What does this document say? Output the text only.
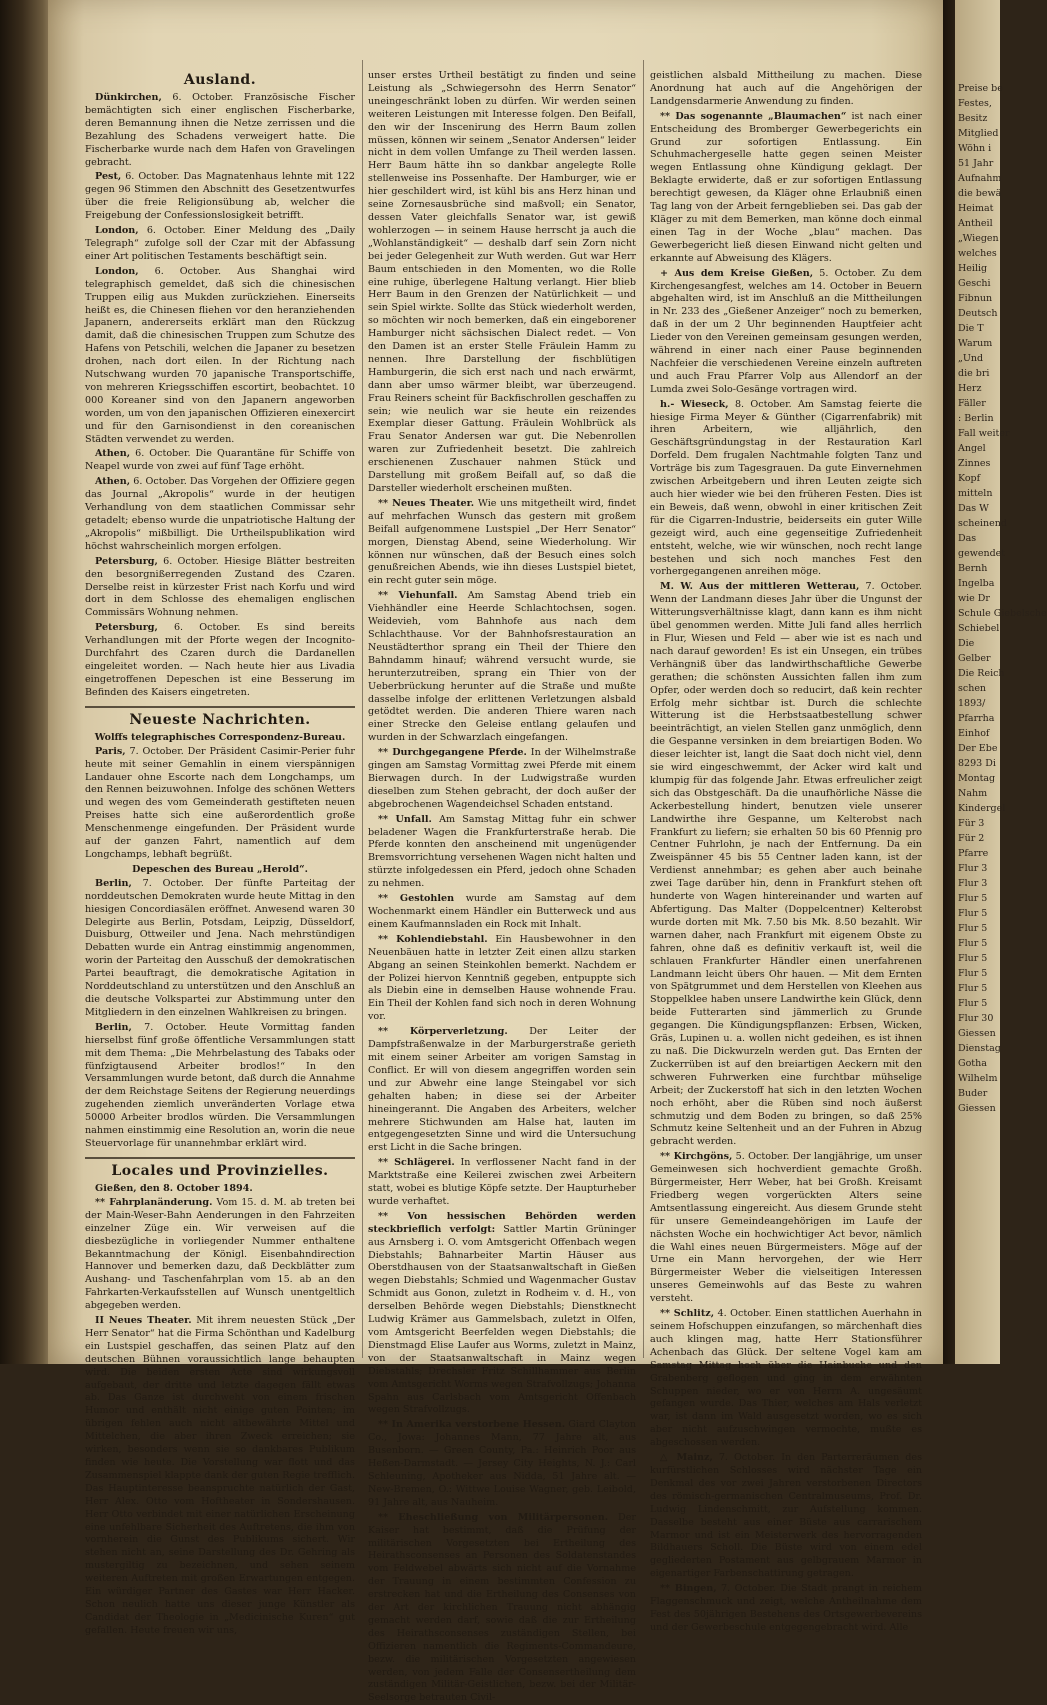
Preise be
Festes,
Besitz
Mitglied
Wöhn i
51 Jahr
Aufnahm
die bewä
Heimat
Antheil
„Wiegen
welches
Heilig
Geschi
Fibnun
Deutsch
Die T
Warum
„Und
die bri
Herz
Fäller
: Berlin
Fall weiter
Angel
Zinnes
Kopf
mitteln
Das W
scheinend
Das
gewendet
Bernh
Ingelba
wie Dr
Schule Giebelsche
Schiebel
Die
Gelber
Die Reich
schen
1893/
Pfarrha
Einhof
Der Ebe
8293 Di
Montag
Nahm
Kindergel
Für 3
Für 2
Pfarre
Flur 3
Flur 3
Flur 5
Flur 5
Flur 5
Flur 5
Flur 5
Flur 5
Flur 5
Flur 5
Flur 30
Giessen
Dienstag
Gotha
Wilhelm
Buder
Giessen
Ausland.

Dünkirchen, 6. October. Französische Fischer bemächtigten sich einer englischen Fischerbarke, deren Bemannung ihnen die Netze zerrissen und die Bezahlung des Schadens verweigert hatte. Die Fischerbarke wurde nach dem Hafen von Gravelingen gebracht.

Pest, 6. October. Das Magnatenhaus lehnte mit 122 gegen 96 Stimmen den Abschnitt des Gesetzentwurfes über die freie Religionsübung ab, welcher die Freigebung der Confessionslosigkeit betrifft.

London, 6. October. Einer Meldung des „Daily Telegraph“ zufolge soll der Czar mit der Abfassung einer Art politischen Testaments beschäftigt sein.

London, 6. October. Aus Shanghai wird telegraphisch gemeldet, daß sich die chinesischen Truppen eilig aus Mukden zurückziehen. Einerseits heißt es, die Chinesen fliehen vor den heranziehenden Japanern, andererseits erklärt man den Rückzug damit, daß die chinesischen Truppen zum Schutze des Hafens von Petschili, welchen die Japaner zu besetzen drohen, nach dort eilen. In der Richtung nach Nutschwang wurden 70 japanische Transportschiffe, von mehreren Kriegsschiffen escortirt, beobachtet. 10 000 Koreaner sind von den Japanern angeworben worden, um von den japanischen Offizieren einexercirt und für den Garnisondienst in den coreanischen Städten verwendet zu werden.

Athen, 6. October. Die Quarantäne für Schiffe von Neapel wurde von zwei auf fünf Tage erhöht.

Athen, 6. October. Das Vorgehen der Offiziere gegen das Journal „Akropolis“ wurde in der heutigen Verhandlung von dem staatlichen Commissar sehr getadelt; ebenso wurde die unpatriotische Haltung der „Akropolis“ mißbilligt. Die Urtheilspublikation wird höchst wahrscheinlich morgen erfolgen.

Petersburg, 6. October. Hiesige Blätter bestreiten den besorgnißerregenden Zustand des Czaren. Derselbe reist in kürzester Frist nach Korfu und wird dort in dem Schlosse des ehemaligen englischen Commissärs Wohnung nehmen.

Petersburg, 6. October. Es sind bereits Verhandlungen mit der Pforte wegen der Incognito-Durchfahrt des Czaren durch die Dardanellen eingeleitet worden. — Nach heute hier aus Livadia eingetroffenen Depeschen ist eine Besserung im Befinden des Kaisers eingetreten.

Neueste Nachrichten.
Wolffs telegraphisches Correspondenz-Bureau.

Paris, 7. October. Der Präsident Casimir-Perier fuhr heute mit seiner Gemahlin in einem vierspännigen Landauer ohne Escorte nach dem Longchamps, um den Rennen beizuwohnen. Infolge des schönen Wetters und wegen des vom Gemeinderath gestifteten neuen Preises hatte sich eine außerordentlich große Menschenmenge eingefunden. Der Präsident wurde auf der ganzen Fahrt, namentlich auf dem Longchamps, lebhaft begrüßt.

Depeschen des Bureau „Herold“.

Berlin, 7. October. Der fünfte Parteitag der norddeutschen Demokraten wurde heute Mittag in den hiesigen Concordiasälen eröffnet. Anwesend waren 30 Delegirte aus Berlin, Potsdam, Leipzig, Düsseldorf, Duisburg, Ottweiler und Jena. Nach mehrstündigen Debatten wurde ein Antrag einstimmig angenommen, worin der Parteitag den Ausschuß der demokratischen Partei beauftragt, die demokratische Agitation in Norddeutschland zu unterstützen und den Anschluß an die deutsche Volkspartei zur Abstimmung unter den Mitgliedern in den einzelnen Wahlkreisen zu bringen.

Berlin, 7. October. Heute Vormittag fanden hierselbst fünf große öffentliche Versammlungen statt mit dem Thema: „Die Mehrbelastung des Tabaks oder fünfzigtausend Arbeiter brodlos!“ In den Versammlungen wurde betont, daß durch die Annahme der dem Reichstage Seitens der Regierung neuerdings zugehenden ziemlich unveränderten Vorlage etwa 50000 Arbeiter brodlos würden. Die Versammlungen nahmen einstimmig eine Resolution an, worin die neue Steuervorlage für unannehmbar erklärt wird.

Locales und Provinzielles.
Gießen, den 8. October 1894.

** Fahrplanänderung. Vom 15. d. M. ab treten bei der Main-Weser-Bahn Aenderungen in den Fahrzeiten einzelner Züge ein. Wir verweisen auf die diesbezügliche in vorliegender Nummer enthaltene Bekanntmachung der Königl. Eisenbahndirection Hannover und bemerken dazu, daß Deckblätter zum Aushang- und Taschenfahrplan vom 15. ab an den Fahrkarten-Verkaufsstellen auf Wunsch unentgeltlich abgegeben werden.

II Neues Theater. Mit ihrem neuesten Stück „Der Herr Senator“ hat die Firma Schönthan und Kadelburg ein Lustspiel geschaffen, das seinen Platz auf den deutschen Bühnen voraussichtlich lange behaupten wird. Die beiden ersten Acte sind wirkungsvoll aufgebaut, der dritte und letzte dagegen fällt etwas ab. Das Ganze ist durchweht von einem frischen Humor und enthält nicht einige guten Pointen; im übrigen fehlen auch nicht altbewährte Mittel und Mittelchen, die aber ihren Zweck erreichen; sie wirken, besonders wenn sie so dankbares Publikum finden wie heute. Die Vorstellung war flott und das Zusammenspiel klappte dank der guten Regie trefflich. Das Hauptinteresse beanspruchte natürlich der Gast, Herr Alex. Otto vom Hoftheater in Sondershausen. Herr Otto verbindet mit einer natürlichen Erscheinung eine unfehlbare Sicherheit des Auftretens, die ihm von vornherein die Gunst des Publikums sichert. Wir stehen nicht an, seine Darstellung des Dr. Gehring als mustergiltig zu bezeichnen, und sehen seinem weiteren Auftreten mit großen Erwartungen entgegen. Ein würdiger Partner des Gastes war Herr Hacker. Schon neulich hatte uns dieser junge Künstler als Candidat der Theologie in „Medicinische Kuren“ gut gefallen. Heute freuen wir uns,

unser erstes Urtheil bestätigt zu finden und seine Leistung als „Schwiegersohn des Herrn Senator“ uneingeschränkt loben zu dürfen. Wir werden seinen weiteren Leistungen mit Interesse folgen. Den Beifall, den wir der Inscenirung des Herrn Baum zollen müssen, können wir seinem „Senator Andersen“ leider nicht in dem vollen Umfange zu Theil werden lassen. Herr Baum hätte ihn so dankbar angelegte Rolle stellenweise ins Possenhafte. Der Hamburger, wie er hier geschildert wird, ist kühl bis ans Herz hinan und seine Zornesausbrüche sind maßvoll; ein Senator, dessen Vater gleichfalls Senator war, ist gewiß wohlerzogen — in seinem Hause herrscht ja auch die „Wohlanständigkeit“ — deshalb darf sein Zorn nicht bei jeder Gelegenheit zur Wuth werden. Gut war Herr Baum entschieden in den Momenten, wo die Rolle eine ruhige, überlegene Haltung verlangt. Hier blieb Herr Baum in den Grenzen der Natürlichkeit — und sein Spiel wirkte. Sollte das Stück wiederholt werden, so möchten wir noch bemerken, daß ein eingeborener Hamburger nicht sächsischen Dialect redet. — Von den Damen ist an erster Stelle Fräulein Hamm zu nennen. Ihre Darstellung der fischblütigen Hamburgerin, die sich erst nach und nach erwärmt, dann aber umso wärmer bleibt, war überzeugend. Frau Reiners scheint für Backfischrollen geschaffen zu sein; wie neulich war sie heute ein reizendes Exemplar dieser Gattung. Fräulein Wohlbrück als Frau Senator Andersen war gut. Die Nebenrollen waren zur Zufriedenheit besetzt. Die zahlreich erschienenen Zuschauer nahmen Stück und Darstellung mit großem Beifall auf, so daß die Darsteller wiederholt erscheinen mußten.

** Neues Theater. Wie uns mitgetheilt wird, findet auf mehrfachen Wunsch das gestern mit großem Beifall aufgenommene Lustspiel „Der Herr Senator“ morgen, Dienstag Abend, seine Wiederholung. Wir können nur wünschen, daß der Besuch eines solch genußreichen Abends, wie ihn dieses Lustspiel bietet, ein recht guter sein möge.

** Viehunfall. Am Samstag Abend trieb ein Viehhändler eine Heerde Schlachtochsen, sogen. Weidevieh, vom Bahnhofe aus nach dem Schlachthause. Vor der Bahnhofsrestauration an Neustädterthor sprang ein Theil der Thiere den Bahndamm hinauf; während versucht wurde, sie herunterzutreiben, sprang ein Thier von der Ueberbrückung herunter auf die Straße und mußte dasselbe infolge der erlittenen Verletzungen alsbald getödtet werden. Die anderen Thiere waren nach einer Strecke den Geleise entlang gelaufen und wurden in der Schwarzlach eingefangen.

** Durchgegangene Pferde. In der Wilhelmstraße gingen am Samstag Vormittag zwei Pferde mit einem Bierwagen durch. In der Ludwigstraße wurden dieselben zum Stehen gebracht, der doch außer der abgebrochenen Wagendeichsel Schaden entstand.

** Unfall. Am Samstag Mittag fuhr ein schwer beladener Wagen die Frankfurterstraße herab. Die Pferde konnten den anscheinend mit ungenügender Bremsvorrichtung versehenen Wagen nicht halten und stürzte infolgedessen ein Pferd, jedoch ohne Schaden zu nehmen.

** Gestohlen wurde am Samstag auf dem Wochenmarkt einem Händler ein Butterweck und aus einem Kaufmannsladen ein Rock mit Inhalt.

** Kohlendiebstahl. Ein Hausbewohner in den Neuenbäuen hatte in letzter Zeit einen allzu starken Abgang an seinen Steinkohlen bemerkt. Nachdem er der Polizei hiervon Kenntniß gegeben, entpuppte sich als Diebin eine in demselben Hause wohnende Frau. Ein Theil der Kohlen fand sich noch in deren Wohnung vor.

** Körperverletzung. Der Leiter der Dampfstraßenwalze in der Marburgerstraße gerieth mit einem seiner Arbeiter am vorigen Samstag in Conflict. Er will von diesem angegriffen worden sein und zur Abwehr eine lange Steingabel vor sich gehalten haben; in diese sei der Arbeiter hineingerannt. Die Angaben des Arbeiters, welcher mehrere Stichwunden am Halse hat, lauten im entgegengesetzten Sinne und wird die Untersuchung erst Licht in die Sache bringen.

** Schlägerei. In verflossener Nacht fand in der Marktstraße eine Keilerei zwischen zwei Arbeitern statt, wobei es blutige Köpfe setzte. Der Haupturheber wurde verhaftet.

** Von hessischen Behörden werden steckbrieflich verfolgt: Sattler Martin Grüninger aus Arnsberg i. O. vom Amtsgericht Offenbach wegen Diebstahls; Bahnarbeiter Martin Häuser aus Oberstdhausen von der Staatsanwaltschaft in Gießen wegen Diebstahls; Schmied und Wagenmacher Gustav Schmidt aus Gonon, zuletzt in Rodheim v. d. H., von derselben Behörde wegen Diebstahls; Dienstknecht Ludwig Krämer aus Gammelsbach, zuletzt in Olfen, vom Amtsgericht Beerfelden wegen Diebstahls; die Dienstmagd Elise Laufer aus Worms, zuletzt in Mainz, von der Staatsanwaltschaft in Mainz wegen Diebstahls; Drechsler Fritz Schillhammer aus Berlin vom Amtsgericht Worms wegen Strafvollzugs; Johanna Spahn aus Carlsbach vom Amtsgericht Offenbach wegen Strafvollzugs.

** In Amerika verstorbene Hessen. Giard Clayton Co., Jowa: Johannes Mann, 77 Jahre alt, aus Busenborn. — Green County, Pa.: Heinrich Poor aus Heßen-Darmstadt. — Jersey City Heights, N. J.: Carl Schleuning, Apotheker aus Nidda, 51 Jahre alt. — New-Bremen, O.: Wittwe Louise Wagner, geb. Leibold, 91 Jahre alt, aus Nauheim.

** Eheschließung von Militärpersonen. Der Kaiser hat bestimmt, daß die Prüfung der militärischen Vorgesetzten bei Ertheilung des Heirathsconsenses an Personen des Soldatenstandes vom Feldwebel abwärts sich nicht auf die Vornahme der Trauung in einem bestimmten Confession zu erstrecken hat und die Ertheilung des Consenses von der Art der kirchlichen Trauung nicht abhängig gemacht werden darf, sowie daß die zur Ertheilung des Heirathsconsenses zuständigen Stellen, bei Offizieren namentlich die Regiments-Commandeure, bezw. die militärischen Vorgesetzten angewiesen werden, von jedem Falle der Consensertheilung dem zuständigen Militär-Geistlichen, bezw. bei der Militär-Seelsorge betrauten Civil-

geistlichen alsbald Mittheilung zu machen. Diese Anordnung hat auch auf die Angehörigen der Landgensdarmerie Anwendung zu finden.

** Das sogenannte „Blaumachen“ ist nach einer Entscheidung des Bromberger Gewerbegerichts ein Grund zur sofortigen Entlassung. Ein Schuhmachergeselle hatte gegen seinen Meister wegen Entlassung ohne Kündigung geklagt. Der Beklagte erwiderte, daß er zur sofortigen Entlassung berechtigt gewesen, da Kläger ohne Erlaubniß einen Tag lang von der Arbeit ferngeblieben sei. Das gab der Kläger zu mit dem Bemerken, man könne doch einmal einen Tag in der Woche „blau“ machen. Das Gewerbegericht ließ diesen Einwand nicht gelten und erkannte auf Abweisung des Klägers.

+ Aus dem Kreise Gießen, 5. October. Zu dem Kirchengesangfest, welches am 14. October in Beuern abgehalten wird, ist im Anschluß an die Mittheilungen in Nr. 233 des „Gießener Anzeiger“ noch zu bemerken, daß in der um 2 Uhr beginnenden Hauptfeier acht Lieder von den Vereinen gemeinsam gesungen werden, während in einer nach einer Pause beginnenden Nachfeier die verschiedenen Vereine einzeln auftreten und auch Frau Pfarrer Volp aus Allendorf an der Lumda zwei Solo-Gesänge vortragen wird.

h.- Wieseck, 8. October. Am Samstag feierte die hiesige Firma Meyer & Günther (Cigarrenfabrik) mit ihren Arbeitern, wie alljährlich, den Geschäftsgründungstag in der Restauration Karl Dorfeld. Dem frugalen Nachtmahle folgten Tanz und Vorträge bis zum Tagesgrauen. Da gute Einvernehmen zwischen Arbeitgebern und ihren Leuten zeigte sich auch hier wieder wie bei den früheren Festen. Dies ist ein Beweis, daß wenn, obwohl in einer kritischen Zeit für die Cigarren-Industrie, beiderseits ein guter Wille gezeigt wird, auch eine gegenseitige Zufriedenheit entsteht, welche, wie wir wünschen, noch recht lange bestehen und sich noch manches Fest den vorhergegangenen anreihen möge.

M. W. Aus der mittleren Wetterau, 7. October. Wenn der Landmann dieses Jahr über die Ungunst der Witterungsverhältnisse klagt, dann kann es ihm nicht übel genommen werden. Mitte Juli fand alles herrlich in Flur, Wiesen und Feld — aber wie ist es nach und nach darauf geworden! Es ist ein Unsegen, ein trübes Verhängniß über das landwirthschaftliche Gewerbe gerathen; die schönsten Aussichten fallen ihm zum Opfer, oder werden doch so reducirt, daß kein rechter Erfolg mehr sichtbar ist. Durch die schlechte Witterung ist die Herbstsaatbestellung schwer beeinträchtigt, an vielen Stellen ganz unmöglich, denn die Gespanne versinken in dem breiartigen Boden. Wo dieser leichter ist, langt die Saat doch nicht viel, denn sie wird eingeschwemmt, der Acker wird kalt und klumpig für das folgende Jahr. Etwas erfreulicher zeigt sich das Obstgeschäft. Da die unaufhörliche Nässe die Ackerbestellung hindert, benutzen viele unserer Landwirthe ihre Gespanne, um Kelterobst nach Frankfurt zu liefern; sie erhalten 50 bis 60 Pfennig pro Centner Fuhrlohn, je nach der Entfernung. Da ein Zweispänner 45 bis 55 Centner laden kann, ist der Verdienst annehmbar; es gehen aber auch beinahe zwei Tage darüber hin, denn in Frankfurt stehen oft hunderte von Wagen hintereinander und warten auf Abfertigung. Das Malter (Doppelcentner) Kelterobst wurde dorten mit Mk. 7.50 bis Mk. 8.50 bezahlt. Wir warnen daher, nach Frankfurt mit eigenem Obste zu fahren, ohne daß es definitiv verkauft ist, weil die schlauen Frankfurter Händler einen unerfahrenen Landmann leicht übers Ohr hauen. — Mit dem Ernten von Spätgrummet und dem Herstellen von Kleehen aus Stoppelklee haben unsere Landwirthe kein Glück, denn beide Futterarten sind jämmerlich zu Grunde gegangen. Die Kündigungspflanzen: Erbsen, Wicken, Gräs, Lupinen u. a. wollen nicht gedeihen, es ist ihnen zu naß. Die Dickwurzeln werden gut. Das Ernten der Zuckerrüben ist auf den breiartigen Aeckern mit den schweren Fuhrwerken eine furchtbar mühselige Arbeit; der Zuckerstoff hat sich in den letzten Wochen noch erhöht, aber die Rüben sind noch äußerst schmutzig und dem Boden zu bringen, so daß 25% Schmutz keine Seltenheit und an der Fuhren in Abzug gebracht werden.

** Kirchgöns, 5. October. Der langjährige, um unser Gemeinwesen sich hochverdient gemachte Großh. Bürgermeister, Herr Weber, hat bei Großh. Kreisamt Friedberg wegen vorgerückten Alters seine Amtsentlassung eingereicht. Aus diesem Grunde steht für unsere Gemeindeangehörigen im Laufe der nächsten Woche ein hochwichtiger Act bevor, nämlich die Wahl eines neuen Bürgermeisters. Möge auf der Urne ein Mann hervorgehen, der wie Herr Bürgermeister Weber die vielseitigen Interessen unseres Gemeinwohls auf das Beste zu wahren versteht.

** Schlitz, 4. October. Einen stattlichen Auerhahn in seinem Hofschuppen einzufangen, so märchenhaft dies auch klingen mag, hatte Herr Stationsführer Achenbach das Glück. Der seltene Vogel kam am Samstag Mittag hoch über die Hainbuche und den Grabenberg geflogen und ging in dem erwähnten Schuppen nieder, wo er von Herrn A. ungesäumt gefangen wurde. Das Thier, welches am Hals verletzt war, ist dann im Wald ausgesetzt worden, wo es sich aber nicht aufzuschwingen vermochte, mußte es abgeschossen werden.

△ Mainz, 7. October. In den Parterreräumen des kurfürstlichen Schlosses wird nächster Tage ein Denkmal des vor zwei Jahren verstorbenen Directors des römisch-germanischen Centralmuseums, Prof. Dr. Ludwig Lindenschmitt, zur Aufstellung kommen. Dasselbe besteht aus einer Büste aus carrarischem Marmor und ist ein Meisterwerk des hervorragenden Bildhauers Scholl. Die Büste wird von einem edel gegliederten Postament aus gelbgrauem Marmor in eigenartiger Farbenschattirung getragen.

** Bingen, 7. October. Die Stadt prangt in reichem Flaggenschmuck und zeigt, welche Antheilnahme dem Fest des 50jährigen Bestehens des Ortsgewerbevereins und der Gewerbeschule entgegengebracht wird. Alle
